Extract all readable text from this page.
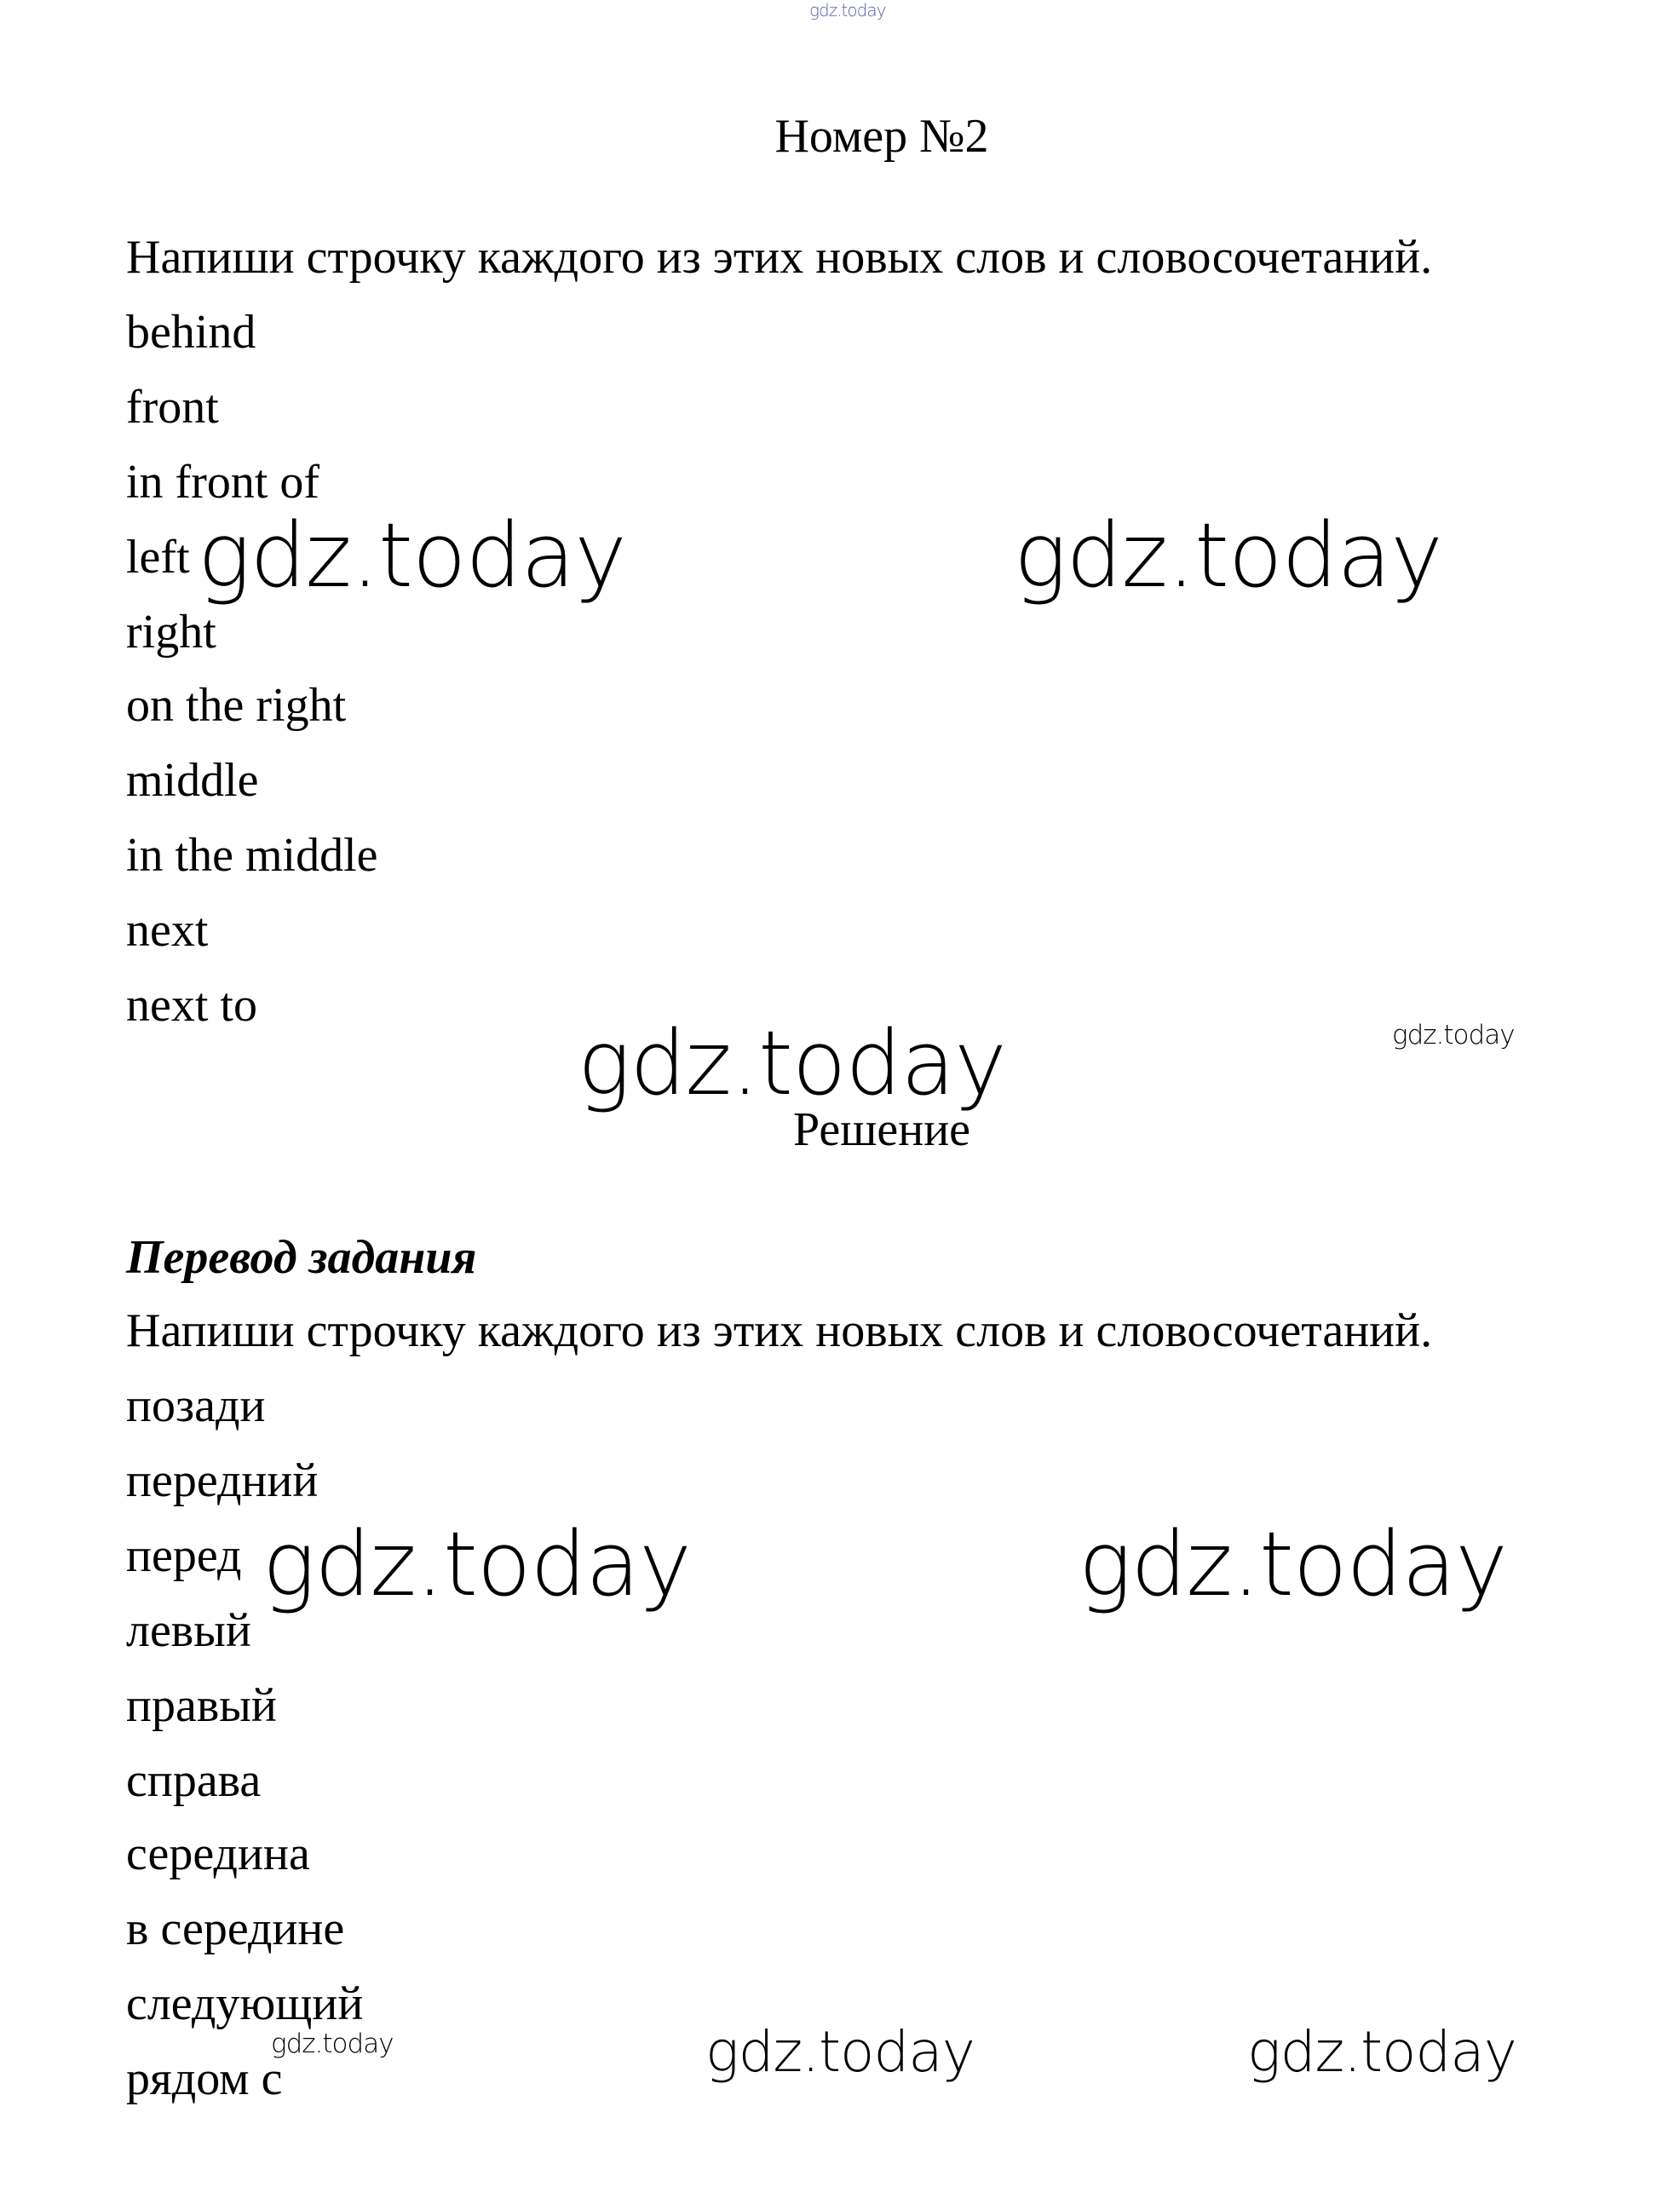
gdz.today
Номер №2
Напиши строчку каждого из этих новых слов и словосочетаний.
behind
front
in front of
left
right
on the right
middle
in the middle
next
next to
gdz.today	gdz.today
gdz.today	gdz.today
Решение
Перевод задания
Напиши строчку каждого из этих новых слов и словосочетаний.
позади
передний
перед
левый
правый
справа
середина
в середине
следующий
рядом с
gdz.today	gdz.today
gdz.today	gdz.today	gdz.today
